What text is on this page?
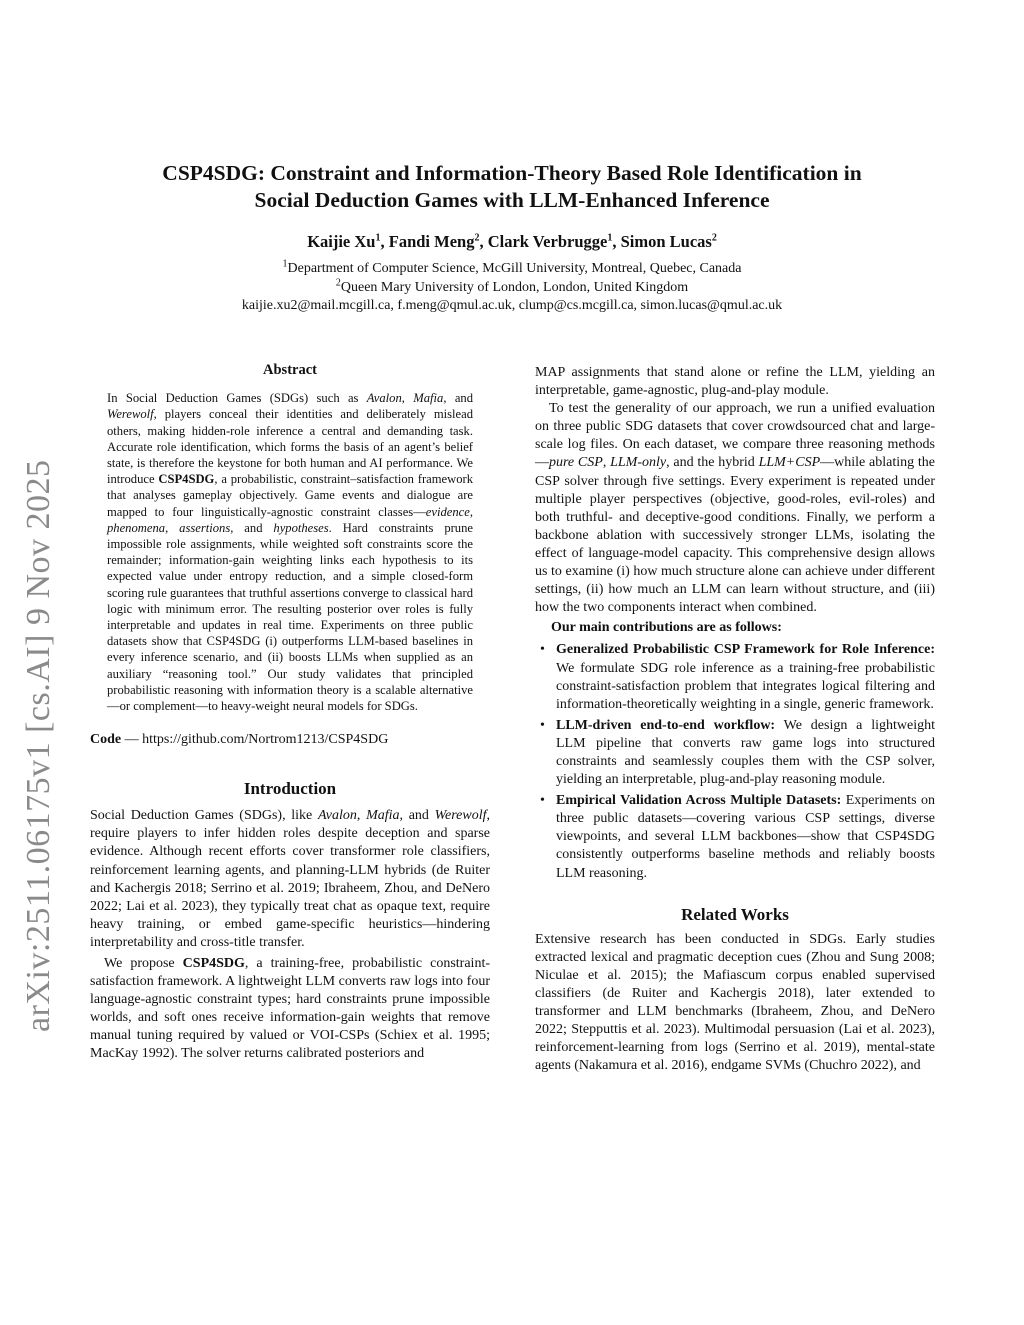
arXiv:2511.06175v1 [cs.AI] 9 Nov 2025
CSP4SDG: Constraint and Information-Theory Based Role Identification in
Social Deduction Games with LLM-Enhanced Inference
Kaijie Xu$^1$, Fandi Meng$^2$, Clark Verbrugge$^1$, Simon Lucas$^2$
$^1$Department of Computer Science, McGill University, Montreal, Quebec, Canada
$^2$Queen Mary University of London, London, United Kingdom
kaijie.xu2@mail.mcgill.ca, f.meng@qmul.ac.uk, clump@cs.mcgill.ca, simon.lucas@qmul.ac.uk
Abstract

In Social Deduction Games (SDGs) such as Avalon, Mafia, and Werewolf, players conceal their identities and deliberately mislead others, making hidden-role inference a central and demanding task. Accurate role identification, which forms the basis of an agent’s belief state, is therefore the keystone for both human and AI performance. We introduce CSP4SDG, a probabilistic, constraint–satisfaction framework that analyses gameplay objectively. Game events and dialogue are mapped to four linguistically-agnostic constraint classes—evidence, phenomena, assertions, and hypotheses. Hard constraints prune impossible role assignments, while weighted soft constraints score the remainder; information-gain weighting links each hypothesis to its expected value under entropy reduction, and a simple closed-form scoring rule guarantees that truthful assertions converge to classical hard logic with minimum error. The resulting posterior over roles is fully interpretable and updates in real time. Experiments on three public datasets show that CSP4SDG (i) outperforms LLM-based baselines in every inference scenario, and (ii) boosts LLMs when supplied as an auxiliary “reasoning tool.” Our study validates that principled probabilistic reasoning with information theory is a scalable alternative—or complement—to heavy-weight neural models for SDGs.

Code — https://github.com/Nortrom1213/CSP4SDG
Introduction

Social Deduction Games (SDGs), like Avalon, Mafia, and Werewolf, require players to infer hidden roles despite deception and sparse evidence. Although recent efforts cover transformer role classifiers, reinforcement learning agents, and planning-LLM hybrids (de Ruiter and Kachergis 2018; Serrino et al. 2019; Ibraheem, Zhou, and DeNero 2022; Lai et al. 2023), they typically treat chat as opaque text, require heavy training, or embed game-specific heuristics—hindering interpretability and cross-title transfer.

We propose CSP4SDG, a training-free, probabilistic constraint-satisfaction framework. A lightweight LLM converts raw logs into four language-agnostic constraint types; hard constraints prune impossible worlds, and soft ones receive information-gain weights that remove manual tuning required by valued or VOI-CSPs (Schiex et al. 1995; MacKay 1992). The solver returns calibrated posteriors and

MAP assignments that stand alone or refine the LLM, yielding an interpretable, game-agnostic, plug-and-play module.

To test the generality of our approach, we run a unified evaluation on three public SDG datasets that cover crowdsourced chat and large-scale log files. On each dataset, we compare three reasoning methods—pure CSP, LLM-only, and the hybrid LLM+CSP—while ablating the CSP solver through five settings. Every experiment is repeated under multiple player perspectives (objective, good-roles, evil-roles) and both truthful- and deceptive-good conditions. Finally, we perform a backbone ablation with successively stronger LLMs, isolating the effect of language-model capacity. This comprehensive design allows us to examine (i) how much structure alone can achieve under different settings, (ii) how much an LLM can learn without structure, and (iii) how the two components interact when combined.

Our main contributions are as follows:
• Generalized Probabilistic CSP Framework for Role Inference: We formulate SDG role inference as a training-free probabilistic constraint-satisfaction problem that integrates logical filtering and information-theoretically weighting in a single, generic framework.
• LLM-driven end-to-end workflow: We design a lightweight LLM pipeline that converts raw game logs into structured constraints and seamlessly couples them with the CSP solver, yielding an interpretable, plug-and-play reasoning module.
• Empirical Validation Across Multiple Datasets: Experiments on three public datasets—covering various CSP settings, diverse viewpoints, and several LLM backbones—show that CSP4SDG consistently outperforms baseline methods and reliably boosts LLM reasoning.
Related Works

Extensive research has been conducted in SDGs. Early studies extracted lexical and pragmatic deception cues (Zhou and Sung 2008; Niculae et al. 2015); the Mafiascum corpus enabled supervised classifiers (de Ruiter and Kachergis 2018), later extended to transformer and LLM benchmarks (Ibraheem, Zhou, and DeNero 2022; Stepputtis et al. 2023). Multimodal persuasion (Lai et al. 2023), reinforcement-learning from logs (Serrino et al. 2019), mental-state agents (Nakamura et al. 2016), endgame SVMs (Chuchro 2022), and
